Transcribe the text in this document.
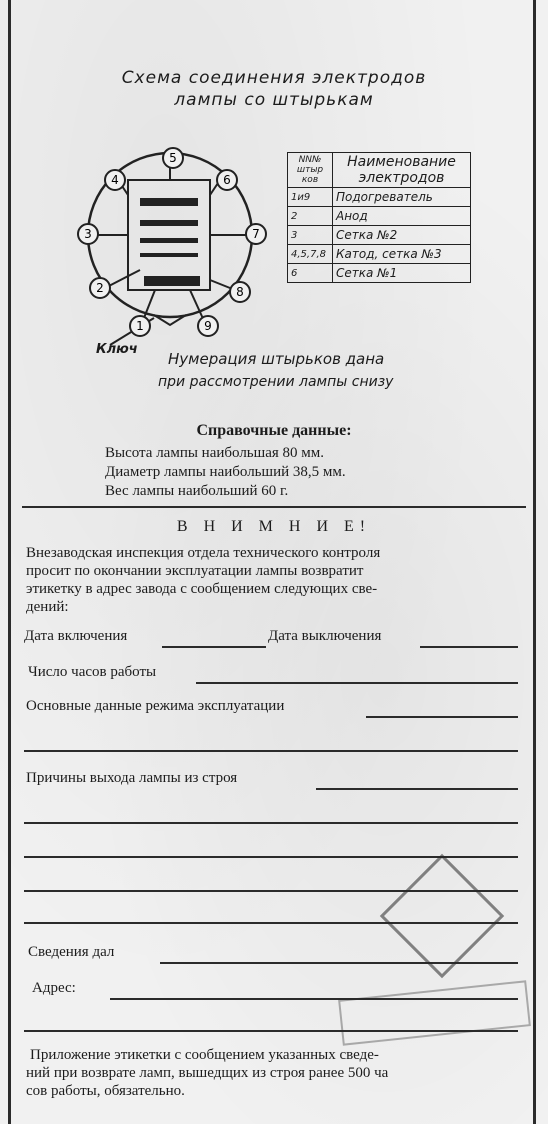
Схема соединения электродов
лампы со штырькам
1
2
3
4
5
6
7
8
9
Ключ
NN№ штыр ков	Наименование электродов
1и9	Подогреватель
2	Анод
3	Сетка №2
4,5,7,8	Катод, сетка №3
6	Сетка №1
Нумерация штырьков дана
при рассмотрении лампы снизу
Справочные данные:
Высота лампы наибольшая 80 мм.
Диаметр лампы наибольший 38,5 мм.
Вес лампы наибольший 60 г.
В Н И М Н И Е!
Внезаводская инспекция отдела технического контроля
просит по окончании эксплуатации лампы возвратит
этикетку в адрес завода с сообщением следующих све-
дений:
Дата включения	Дата выключения
Число часов работы
Основные данные режима эксплуатации
Причины выхода лампы из строя
Сведения дал
Адрес:
Приложение этикетки с сообщением указанных сведе-
ний при возврате ламп, вышедщих из строя ранее 500 ча
сов работы, обязательно.
